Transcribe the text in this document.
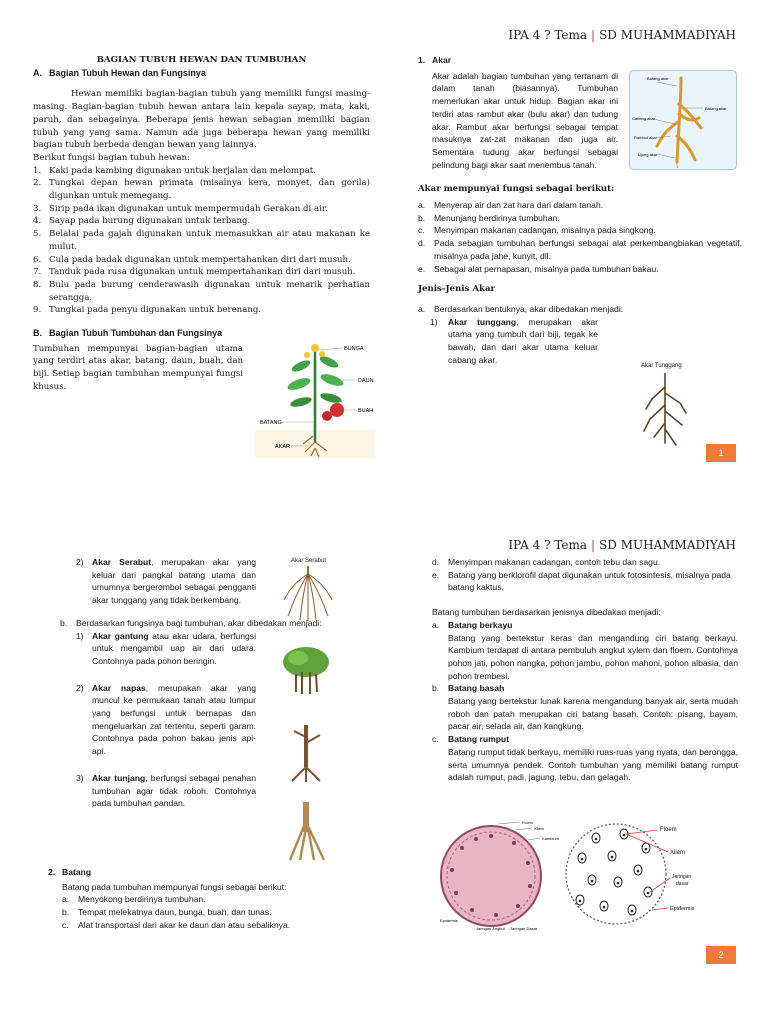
IPA 4 ? Tema | SD MUHAMMADIYAH

BAGIAN TUBUH HEWAN DAN TUMBUHAN

A. Bagian Tubuh Hewan dan Fungsinya

Hewan memiliki bagian-bagian tubuh yang memiliki fungsi masing-masing. Bagian-bagian tubuh hewan antara lain kepala sayap, mata, kaki, paruh, dan sebagainya. Beberapa jenis hewan sebagian memiliki bagian tubuh yang yang sama. Namun ada juga beberapa hewan yang memiliki bagian tubuh berbeda dengan hewan yang lainnya.

Berikut fungsi bagian tubuh hewan:

1. Kaki pada kambing digunakan untuk berjalan dan melompat.
2. Tungkai depan hewan primata (misalnya kera, monyet, dan gorila) digunkan untuk memegang.
3. Sirip pada ikan digunakan untuk mempermudah Gerakan di air.
4. Sayap pada burung digunakan untuk terbang.
5. Belalai pada gajah digunakan untuk memasukkan air atau makanan ke mulut.
6. Cula pada badak digunakan untuk mempertahankan diri dari musuh.
7. Tanduk pada rusa digunakan untuk mempertahankan diri dari musuh.
8. Bulu pada burung cenderawasih digunakan untuk menarik perhatian serangga.
9. Tungkai pada penyu digunakan untuk berenang.

B. Bagian Tubuh Tumbuhan dan Fungsinya

Tumbuhan mempunyai bagian-bagian utama yang terdiri atas akar, batang, daun, buah, dan biji. Setiap bagian tumbuhan mempunyai fungsi khusus.

BUNGA
DAUN
BUAH
BATANG
AKAR

1. Akar

Akar adalah bagian tumbuhan yang tertanam di dalam tanah (biasannya). Tumbuhan memerlukan akar untuk hidup. Bagian akar ini terdiri atas rambut akar (bulu akar) dan tudung akar. Rambut akar berfungsi sebagai tempat masuknya zat-zat makanan dan juga air. Sementara tudung akar berfungsi sebagai pelindung bagi akar saat menembus tanah.

Akar mempunyai fungsi sebagai berikut:

a.	Menyerap air dan zat hara dari dalam tanah.
b.	Menunjang berdirinya tumbuhan.
c.	Menyimpan makanan cadangan, misalnya pada singkong.
d.	Pada sebagian tumbuhan berfungsi sebagai alat perkembangbiakan vegetatif, misalnya pada jahe, kunyit, dll.
e.	Sebagai alat pernapasan, misalnya pada tumbuhan bakau.

Jenis-Jenis Akar

a.	Berdasarkan bentuknya, akar dibedakan menjadi:
1)	Akar tunggang, merupakan akar utama yang tumbuh dari biji, tegak ke bawah, dan dari akar utama keluar cabang akar.
Batang akar
Batang akar
Cabang akar
Rambut akar
Ujung akar
Akar Tunggang
1
IPA 4 ? Tema | SD MUHAMMADIYAH
2) Akar Serabut, merupakan akar yang keluar dari pangkal batang utama dan umumnya bergerombol sebagai pengganti akar tunggang yang tidak berkembang.
b.	Berdasarkan fungsinya bagi tumbuhan, akar dibedakan menjadi:
1) Akar gantung atau akar udara, berfungsi untuk mengambil uap air dari udara. Contohnya pada pohon beringin.
2) Akar napas, merupakan akar yang muncul ke permukaan tanah atau lumpur yang berfungsi untuk bernapas dan mengeluarkan zat tertentu, seperti garam. Contohnya pada pohon bakau jenis api-api.
3) Akar tunjang, berfungsi sebagai penahan tumbuhan agar tidak roboh. Contohnya pada tumbuhan pandan.

2. Batang

Batang pada tumbuhan mempunyai fungsi sebagai berikut:

a.	Menyokong berdirinya tumbuhan.
b.	Tempat melekatnya daun, bunga, buah, dan tunas.
c.	Alat transportasi dari akar ke daun dan atau sebaliknya.
Akar Serabut	d.	Menyimpan makanan cadangan, contoh tebu dan sagu.
e.	Batang yang berklorofil dapat digunakan untuk fotosintesis, misalnya pada batang kaktus.

Batang tumbuhan berdasarkan jenisnya dibedakan menjadi:

a.	Batang berkayu

Batang yang bertekstur keras dan mengandung ciri batang berkayu. Kambium terdapat di antara pembuluh angkut xylem dan floem. Contohnya pohon jati, pohon nangka, pohon jambu, pohon mahoni, pohon albasia, dan pohon trembesi.

b.	Batang basah

Batang yang bertekstur lunak karena mengandung banyak air, serta mudah roboh dan patah merupakan ciri batang basah. Contoh: pisang, bayam, pacar air, selada air, dan kangkung.

c.	Batang rumput

Batang rumput tidak berkayu, memiliki ruas-ruas yang nyata, dan berongga, serta umumnya pendek. Contoh tumbuhan yang memiliki batang rumput adalah rumput, padi, jagung, tebu, dan gelagah.

Floem
Xilem
Kambium
Epidermis
Jaringan Angkut Jaringan Dasar
Floem
Xilem
Jaringan
dasar
Epidermis
2
